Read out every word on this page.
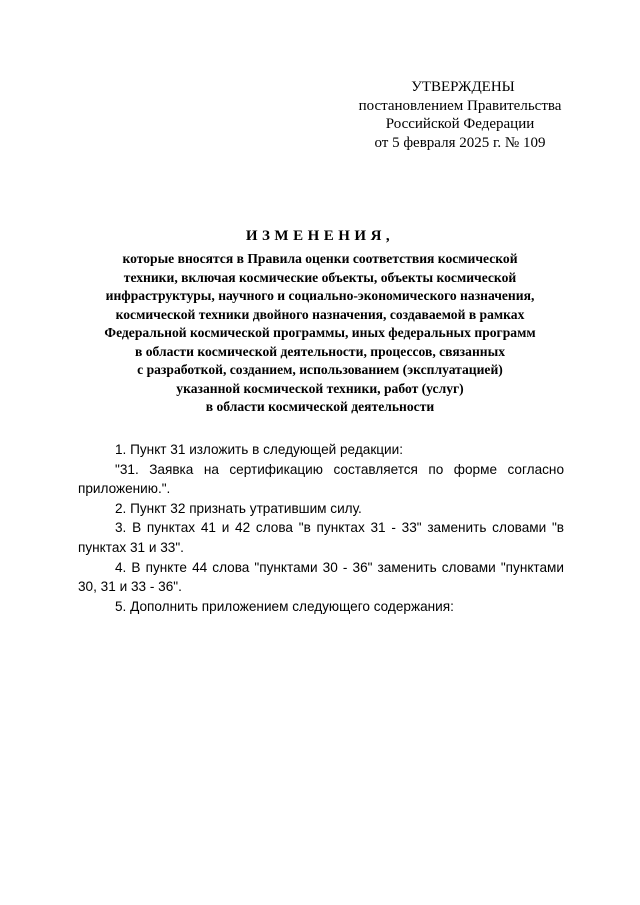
УТВЕРЖДЕНЫ
постановлением Правительства
Российской Федерации
от 5 февраля 2025 г. № 109
ИЗМЕНЕНИЯ,
которые вносятся в Правила оценки соответствия космической
техники, включая космические объекты, объекты космической
инфраструктуры, научного и социально-экономического назначения,
космической техники двойного назначения, создаваемой в рамках
Федеральной космической программы, иных федеральных программ
в области космической деятельности, процессов, связанных
с разработкой, созданием, использованием (эксплуатацией)
указанной космической техники, работ (услуг)
в области космической деятельности

1. Пункт 31 изложить в следующей редакции:

"31. Заявка на сертификацию составляется по форме согласно приложению.".

2. Пункт 32 признать утратившим силу.

3. В пунктах 41 и 42 слова "в пунктах 31 - 33" заменить словами "в пунктах 31 и 33".

4. В пункте 44 слова "пунктами 30 - 36" заменить словами "пунктами 30, 31 и 33 - 36".

5. Дополнить приложением следующего содержания:
